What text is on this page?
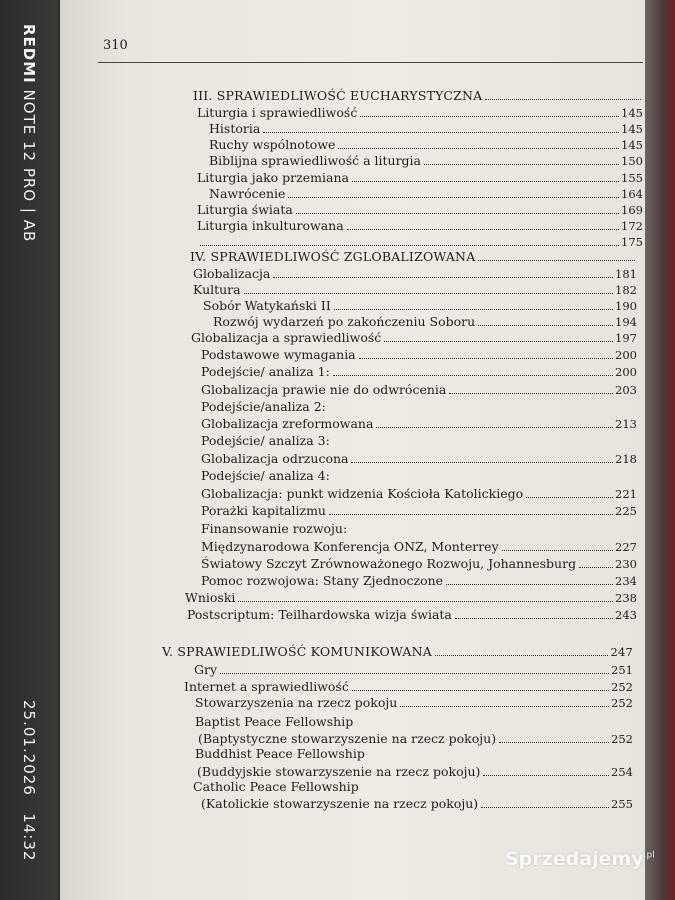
REDMI NOTE 12 PRO | AB
25.01.2026   14:32
310
III. SPRAWIEDLIWOŚĆ EUCHARYSTYCZNA
Liturgia i sprawiedliwość	145
Historia	145
Ruchy wspólnotowe	145
Biblijna sprawiedliwość a liturgia	150
Liturgia jako przemiana	155
Nawrócenie	164
Liturgia świata	169
Liturgia inkulturowana	172
175
IV. SPRAWIEDLIWOŚĆ ZGLOBALIZOWANA
Globalizacja	181
Kultura	182
Sobór Watykański II	190
Rozwój wydarzeń po zakończeniu Soboru	194
Globalizacja a sprawiedliwość	197
Podstawowe wymagania	200
Podejście/ analiza 1:	200
Globalizacja prawie nie do odwrócenia	203
Podejście/analiza 2:
Globalizacja zreformowana	213
Podejście/ analiza 3:
Globalizacja odrzucona	218
Podejście/ analiza 4:
Globalizacja: punkt widzenia Kościoła Katolickiego	221
Porażki kapitalizmu	225
Finansowanie rozwoju:
Międzynarodowa Konferencja ONZ, Monterrey	227
Światowy Szczyt Zrównoważonego Rozwoju, Johannesburg	230
Pomoc rozwojowa: Stany Zjednoczone	234
Wnioski	238
Postscriptum: Teilhardowska wizja świata	243
V. SPRAWIEDLIWOŚĆ KOMUNIKOWANA	247
Gry	251
Internet a sprawiedliwość	252
Stowarzyszenia na rzecz pokoju	252
Baptist Peace Fellowship
(Baptystyczne stowarzyszenie na rzecz pokoju)	252
Buddhist Peace Fellowship
(Buddyjskie stowarzyszenie na rzecz pokoju)	254
Catholic Peace Fellowship
(Katolickie stowarzyszenie na rzecz pokoju)	255
Sprzedajemy$^{.pl}$
